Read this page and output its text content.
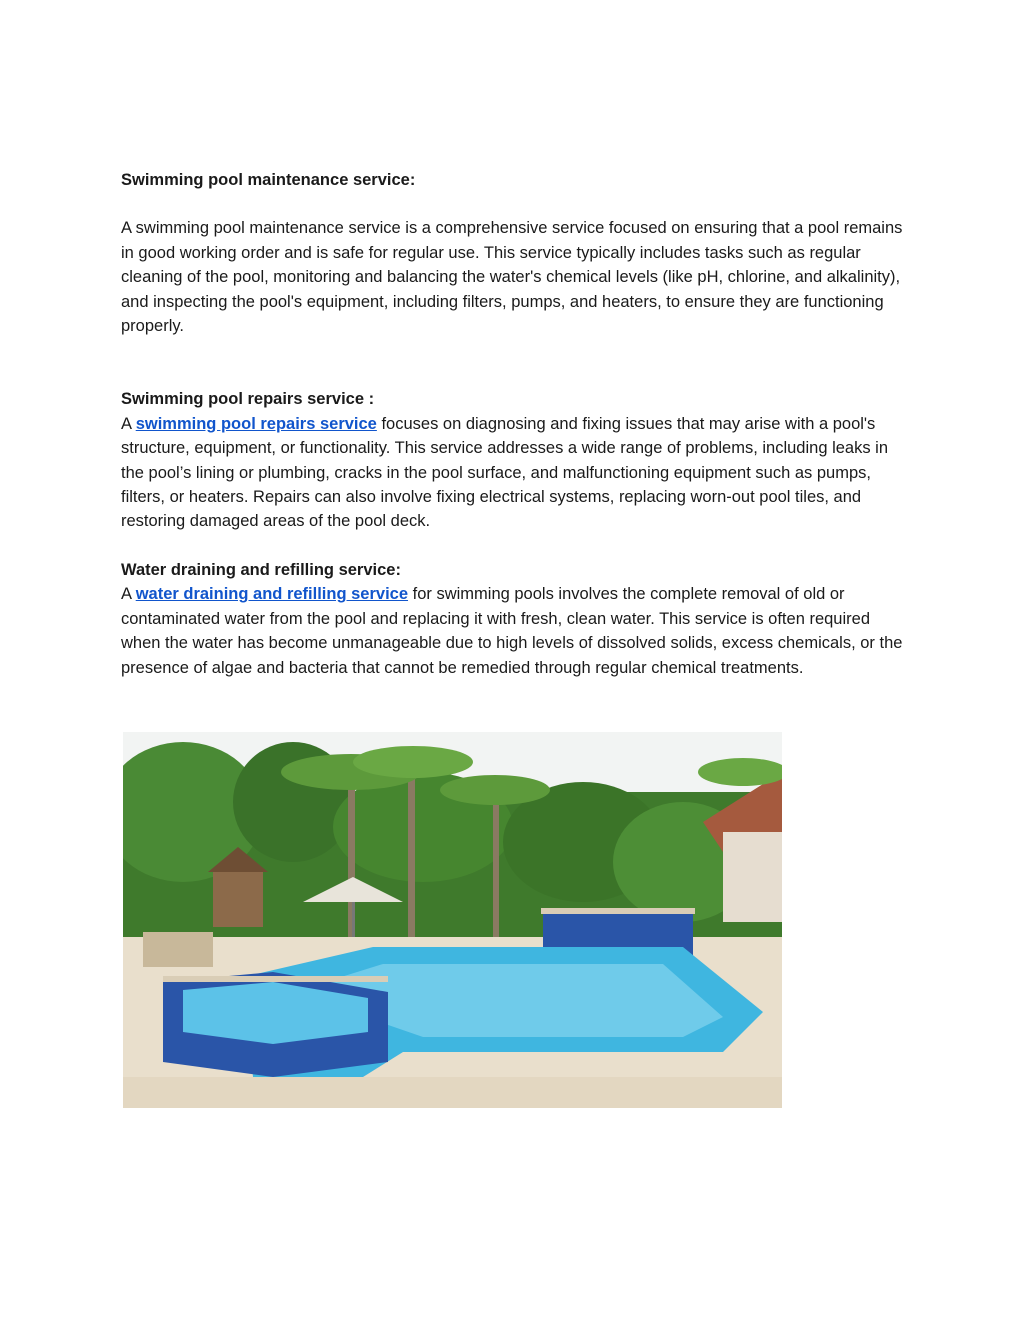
Swimming pool maintenance service:

A swimming pool maintenance service is a comprehensive service focused on ensuring that a pool remains in good working order and is safe for regular use. This service typically includes tasks such as regular cleaning of the pool, monitoring and balancing the water's chemical levels (like pH, chlorine, and alkalinity), and inspecting the pool's equipment, including filters, pumps, and heaters, to ensure they are functioning properly.

Swimming pool repairs service :

A swimming pool repairs service focuses on diagnosing and fixing issues that may arise with a pool's structure, equipment, or functionality. This service addresses a wide range of problems, including leaks in the pool’s lining or plumbing, cracks in the pool surface, and malfunctioning equipment such as pumps, filters, or heaters. Repairs can also involve fixing electrical systems, replacing worn-out pool tiles, and restoring damaged areas of the pool deck.

Water draining and refilling service:

A water draining and refilling service for swimming pools involves the complete removal of old or contaminated water from the pool and replacing it with fresh, clean water. This service is often required when the water has become unmanageable due to high levels of dissolved solids, excess chemicals, or the presence of algae and bacteria that cannot be remedied through regular chemical treatments.
